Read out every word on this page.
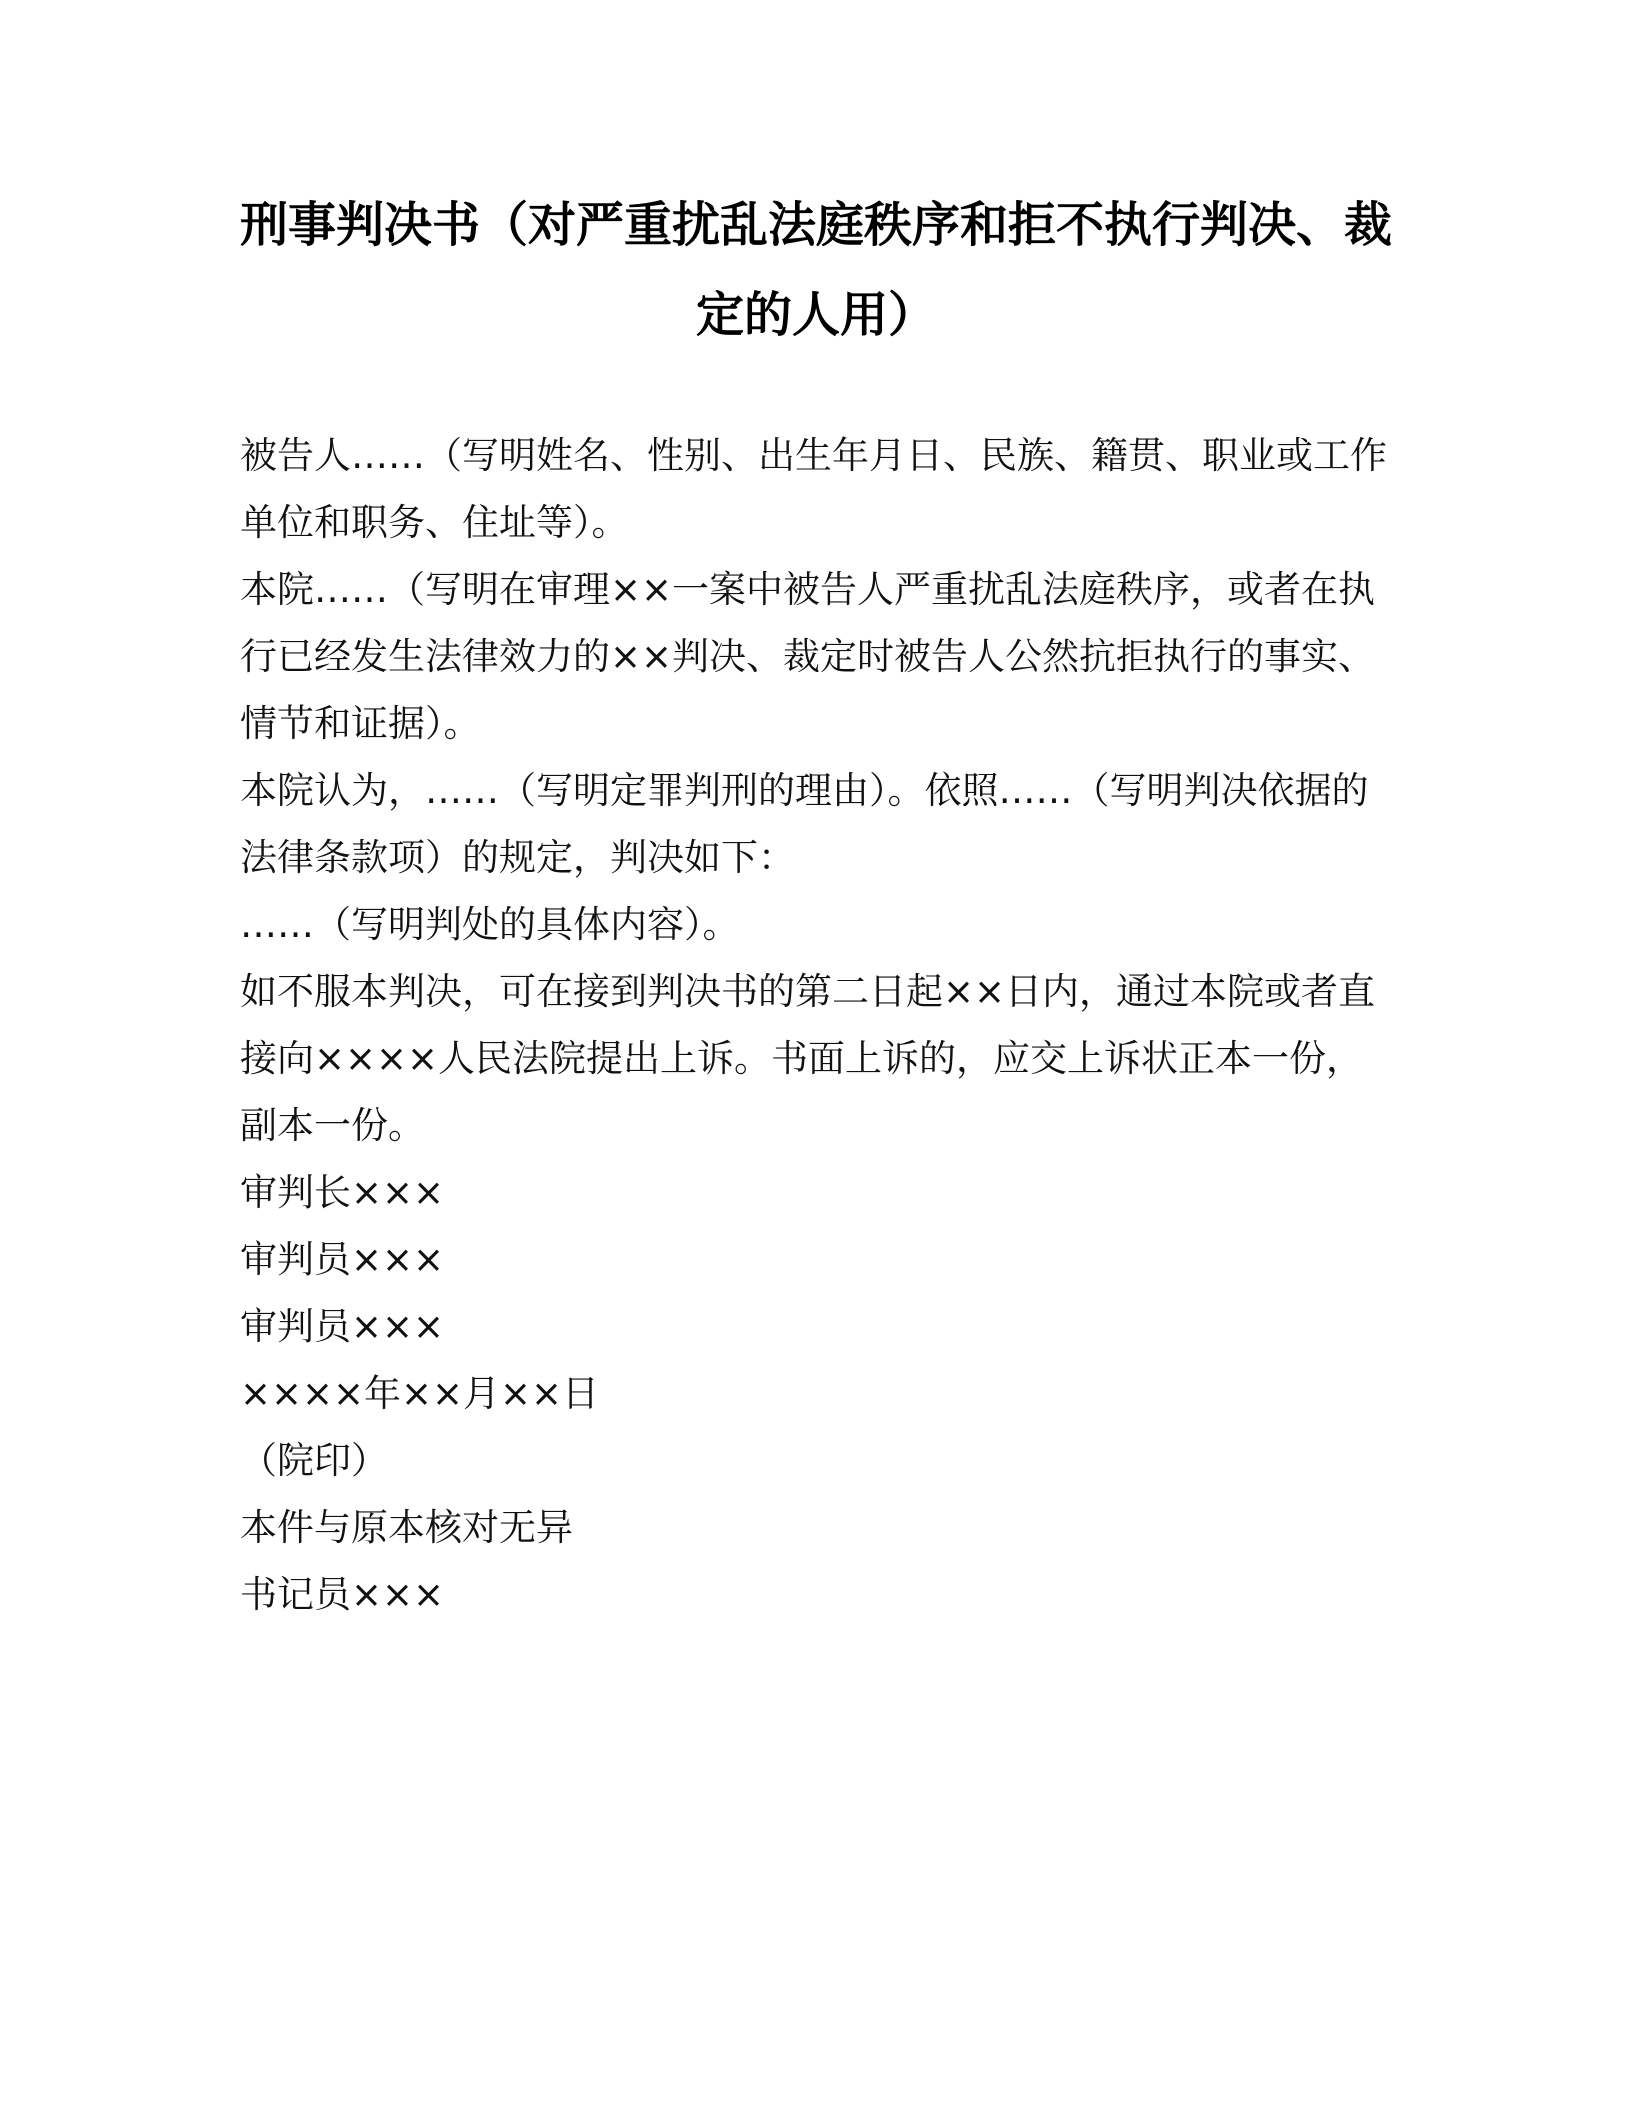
刑事判决书（对严重扰乱法庭秩序和拒不执行判决、裁定的人用）

被告人……（写明姓名、性别、出生年月日、民族、籍贯、职业或工作单位和职务、住址等）。

本院……（写明在审理××一案中被告人严重扰乱法庭秩序，或者在执行已经发生法律效力的××判决、裁定时被告人公然抗拒执行的事实、情节和证据）。

本院认为，……（写明定罪判刑的理由）。依照……（写明判决依据的法律条款项）的规定，判决如下：

……（写明判处的具体内容）。

如不服本判决，可在接到判决书的第二日起××日内，通过本院或者直接向××××人民法院提出上诉。书面上诉的，应交上诉状正本一份，副本一份。

审判长×××

审判员×××

审判员×××

××××年××月××日

（院印）

本件与原本核对无异

书记员×××
